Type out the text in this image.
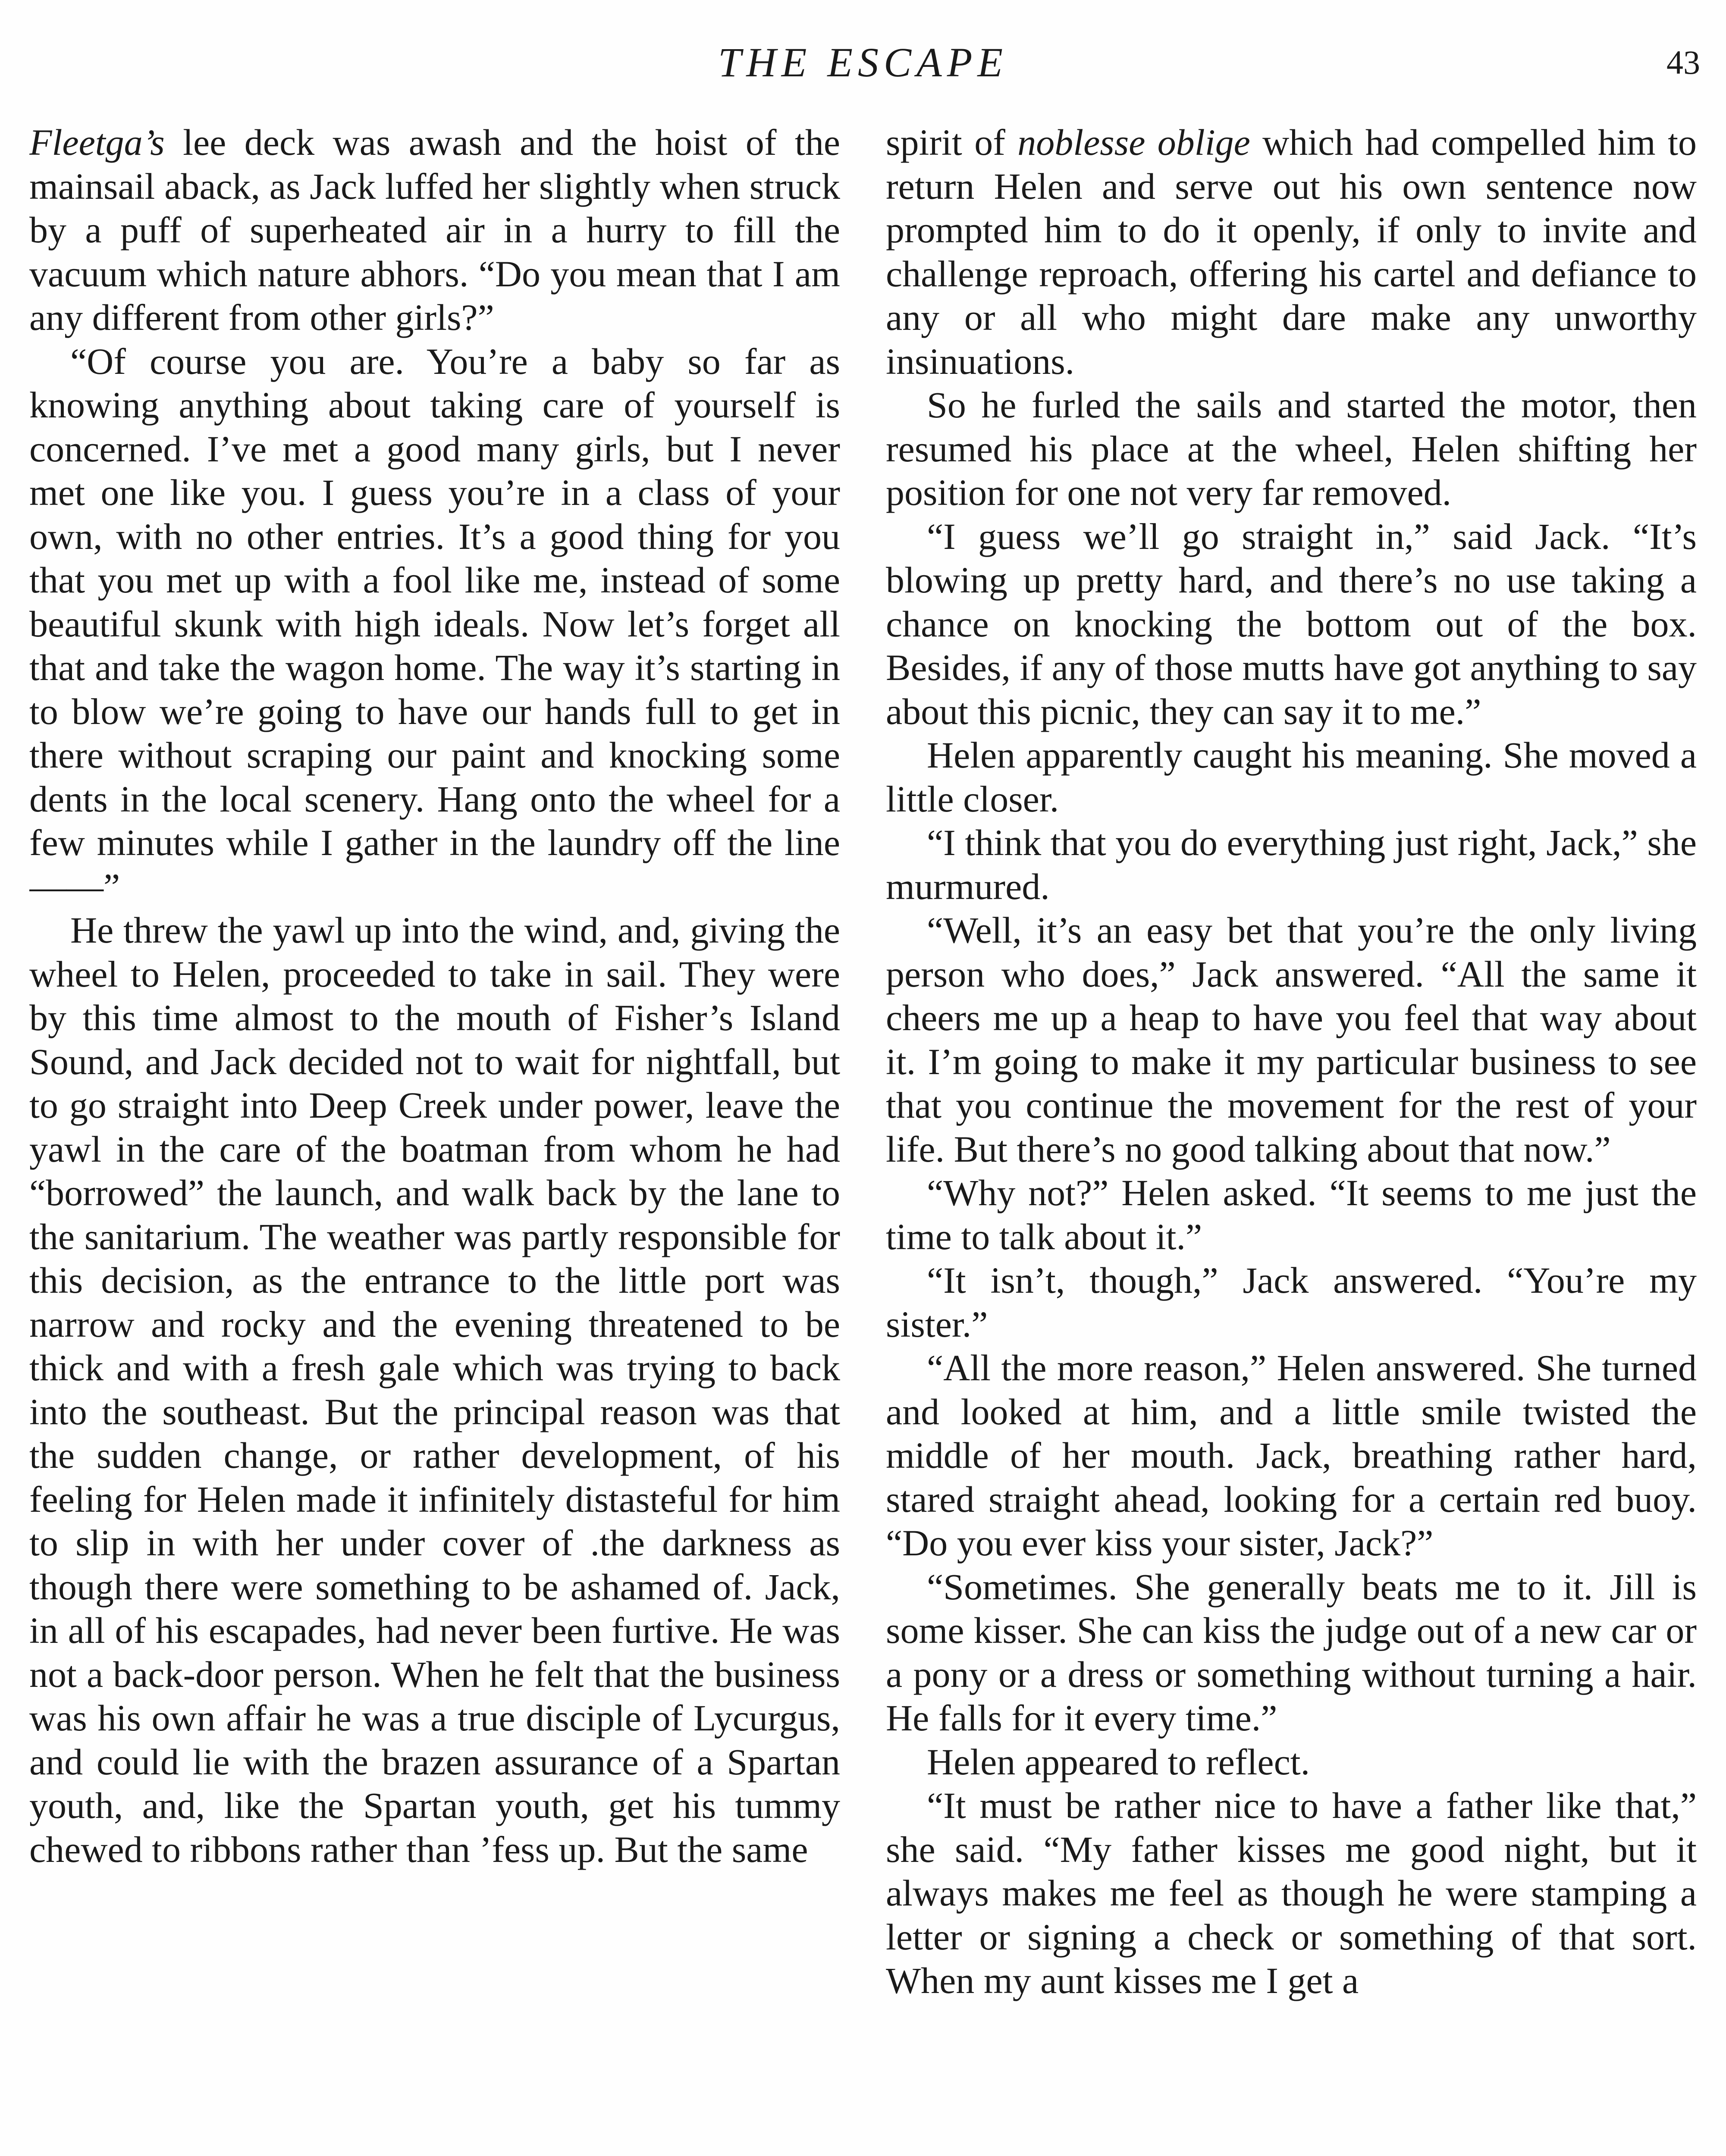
THE ESCAPE	43

Fleetga’s lee deck was awash and the hoist of the mainsail aback, as Jack luffed her slightly when struck by a puff of superheated air in a hurry to fill the vacuum which nature abhors. “Do you mean that I am any different from other girls?”

“Of course you are. You’re a baby so far as knowing anything about taking care of yourself is concerned. I’ve met a good many girls, but I never met one like you. I guess you’re in a class of your own, with no other entries. It’s a good thing for you that you met up with a fool like me, instead of some beautiful skunk with high ideals. Now let’s forget all that and take the wagon home. The way it’s starting in to blow we’re going to have our hands full to get in there without scraping our paint and knocking some dents in the local scenery. Hang onto the wheel for a few minutes while I gather in the laundry off the line——”

He threw the yawl up into the wind, and, giving the wheel to Helen, proceeded to take in sail. They were by this time almost to the mouth of Fisher’s Island Sound, and Jack decided not to wait for nightfall, but to go straight into Deep Creek under power, leave the yawl in the care of the boatman from whom he had “borrowed” the launch, and walk back by the lane to the sanitarium. The weather was partly responsible for this decision, as the entrance to the little port was narrow and rocky and the evening threatened to be thick and with a fresh gale which was trying to back into the southeast. But the principal reason was that the sudden change, or rather development, of his feeling for Helen made it infinitely distasteful for him to slip in with her under cover of .the darkness as though there were something to be ashamed of. Jack, in all of his escapades, had never been furtive. He was not a back-door person. When he felt that the business was his own affair he was a true disciple of Lycurgus, and could lie with the brazen assurance of a Spartan youth, and, like the Spartan youth, get his tummy chewed to ribbons rather than ’fess up. But the same

spirit of noblesse oblige which had compelled him to return Helen and serve out his own sentence now prompted him to do it openly, if only to invite and challenge reproach, offering his cartel and defiance to any or all who might dare make any unworthy insinuations.

So he furled the sails and started the motor, then resumed his place at the wheel, Helen shifting her position for one not very far removed.

“I guess we’ll go straight in,” said Jack. “It’s blowing up pretty hard, and there’s no use taking a chance on knocking the bottom out of the box. Besides, if any of those mutts have got anything to say about this picnic, they can say it to me.”

Helen apparently caught his meaning. She moved a little closer.

“I think that you do everything just right, Jack,” she murmured.

“Well, it’s an easy bet that you’re the only living person who does,” Jack answered. “All the same it cheers me up a heap to have you feel that way about it. I’m going to make it my particular business to see that you continue the movement for the rest of your life. But there’s no good talking about that now.”

“Why not?” Helen asked. “It seems to me just the time to talk about it.”

“It isn’t, though,” Jack answered. “You’re my sister.”

“All the more reason,” Helen answered. She turned and looked at him, and a little smile twisted the middle of her mouth. Jack, breathing rather hard, stared straight ahead, looking for a certain red buoy. “Do you ever kiss your sister, Jack?”

“Sometimes. She generally beats me to it. Jill is some kisser. She can kiss the judge out of a new car or a pony or a dress or something without turning a hair. He falls for it every time.”

Helen appeared to reflect.

“It must be rather nice to have a father like that,” she said. “My father kisses me good night, but it always makes me feel as though he were stamping a letter or signing a check or something of that sort. When my aunt kisses me I get a
